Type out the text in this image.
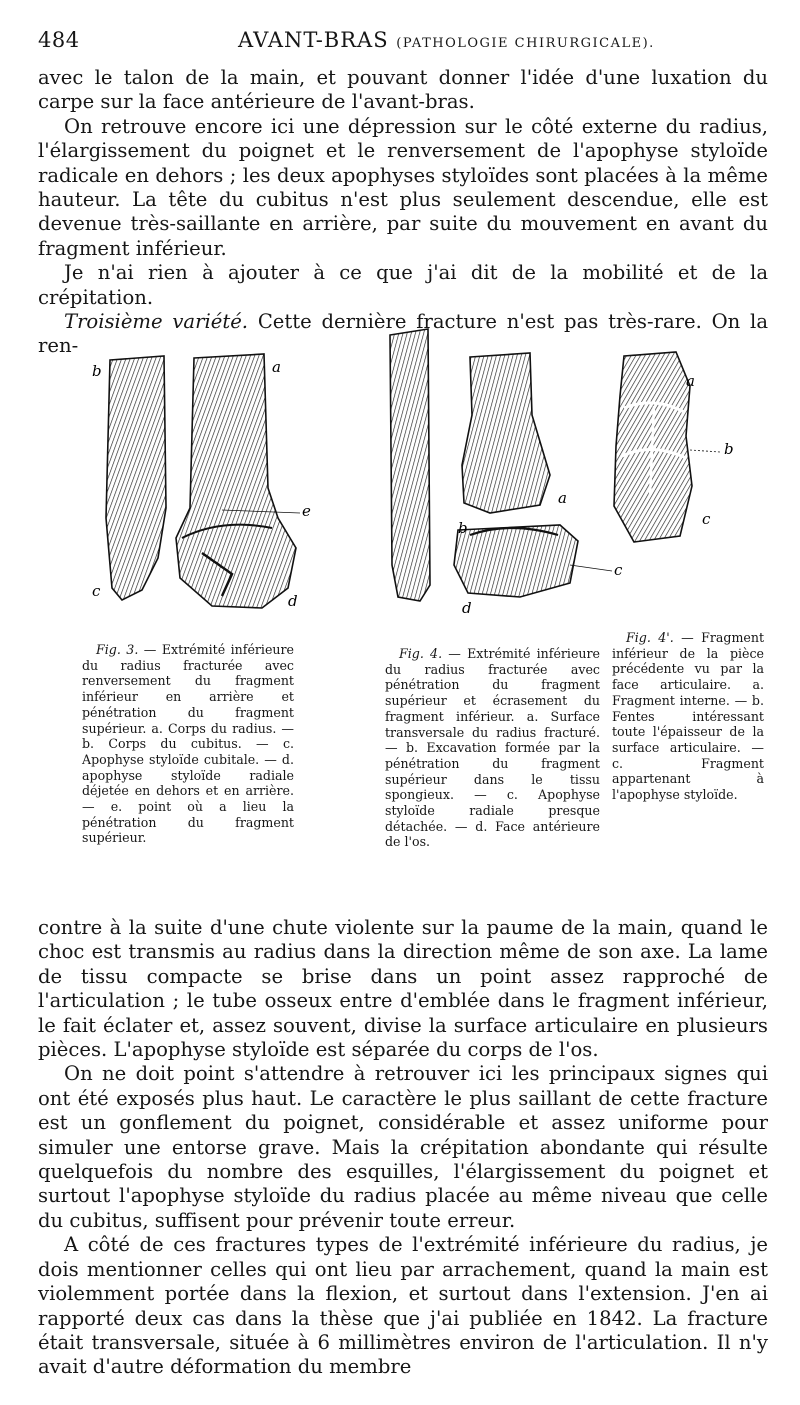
484	AVANT-BRAS (PATHOLOGIE CHIRURGICALE).

avec le talon de la main, et pouvant donner l'idée d'une luxation du carpe sur la face antérieure de l'avant-bras.

On retrouve encore ici une dépression sur le côté externe du radius, l'élargissement du poignet et le renversement de l'apophyse styloïde radicale en dehors ; les deux apophyses styloïdes sont placées à la même hauteur. La tête du cubitus n'est plus seulement descendue, elle est devenue très-saillante en arrière, par suite du mouvement en avant du fragment inférieur.

Je n'ai rien à ajouter à ce que j'ai dit de la mobilité et de la crépitation.

Troisième variété. Cette dernière fracture n'est pas très-rare. On la ren-

b	a
e
c
d
a
b
c
d
a
b
c
Fig. 3. — Extrémité inférieure du radius fracturée avec renversement du fragment inférieur en arrière et pénétration du fragment supérieur. a. Corps du radius. — b. Corps du cubitus. — c. Apophyse styloïde cubitale. — d. apophyse styloïde radiale déjetée en dehors et en arrière. — e. point où a lieu la pénétration du fragment supérieur.
Fig. 4. — Extrémité inférieure du radius fracturée avec pénétration du fragment supérieur et écrasement du fragment inférieur. a. Surface transversale du radius fracturé. — b. Excavation formée par la pénétration du fragment supérieur dans le tissu spongieux. — c. Apophyse styloïde radiale presque détachée. — d. Face antérieure de l'os.
Fig. 4'. — Fragment inférieur de la pièce précédente vu par la face articulaire. a. Fragment interne. — b. Fentes intéressant toute l'épaisseur de la surface articulaire. — c. Fragment appartenant à l'apophyse styloïde.

contre à la suite d'une chute violente sur la paume de la main, quand le choc est transmis au radius dans la direction même de son axe. La lame de tissu compacte se brise dans un point assez rapproché de l'articulation ; le tube osseux entre d'emblée dans le fragment inférieur, le fait éclater et, assez souvent, divise la surface articulaire en plusieurs pièces. L'apophyse styloïde est séparée du corps de l'os.

On ne doit point s'attendre à retrouver ici les principaux signes qui ont été exposés plus haut. Le caractère le plus saillant de cette fracture est un gonflement du poignet, considérable et assez uniforme pour simuler une entorse grave. Mais la crépitation abondante qui résulte quelquefois du nombre des esquilles, l'élargissement du poignet et surtout l'apophyse styloïde du radius placée au même niveau que celle du cubitus, suffisent pour prévenir toute erreur.

A côté de ces fractures types de l'extrémité inférieure du radius, je dois mentionner celles qui ont lieu par arrachement, quand la main est violemment portée dans la flexion, et surtout dans l'extension. J'en ai rapporté deux cas dans la thèse que j'ai publiée en 1842. La fracture était transversale, située à 6 millimètres environ de l'articulation. Il n'y avait d'autre déformation du membre
